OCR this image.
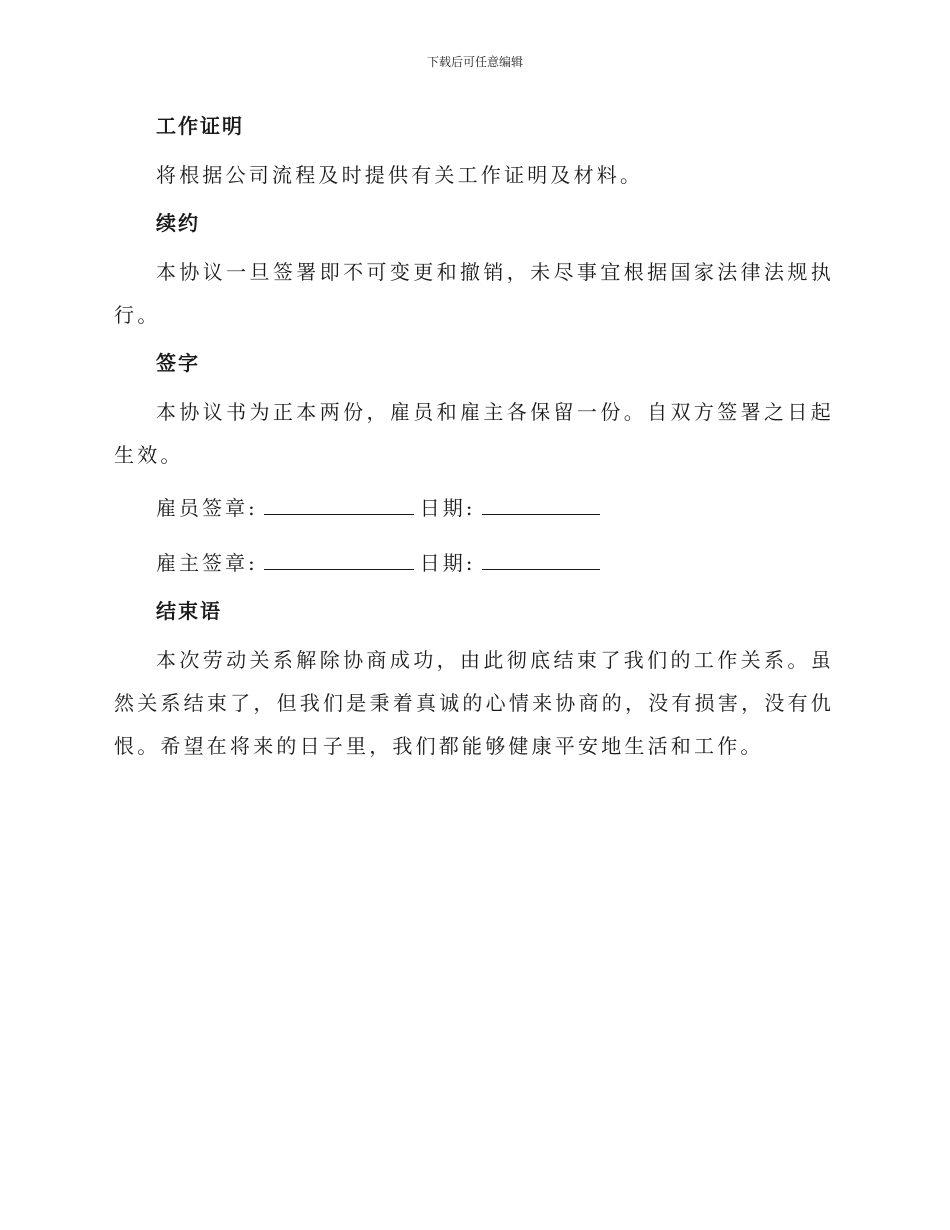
下载后可任意编辑
工作证明

将根据公司流程及时提供有关工作证明及材料。

续约

本协议一旦签署即不可变更和撤销，未尽事宜根据国家法律法规执行。

签字

本协议书为正本两份，雇员和雇主各保留一份。自双方签署之日起生效。

雇员签章:	日期:
雇主签章:	日期:
结束语

本次劳动关系解除协商成功，由此彻底结束了我们的工作关系。虽然关系结束了，但我们是秉着真诚的心情来协商的，没有损害，没有仇恨。希望在将来的日子里，我们都能够健康平安地生活和工作。
